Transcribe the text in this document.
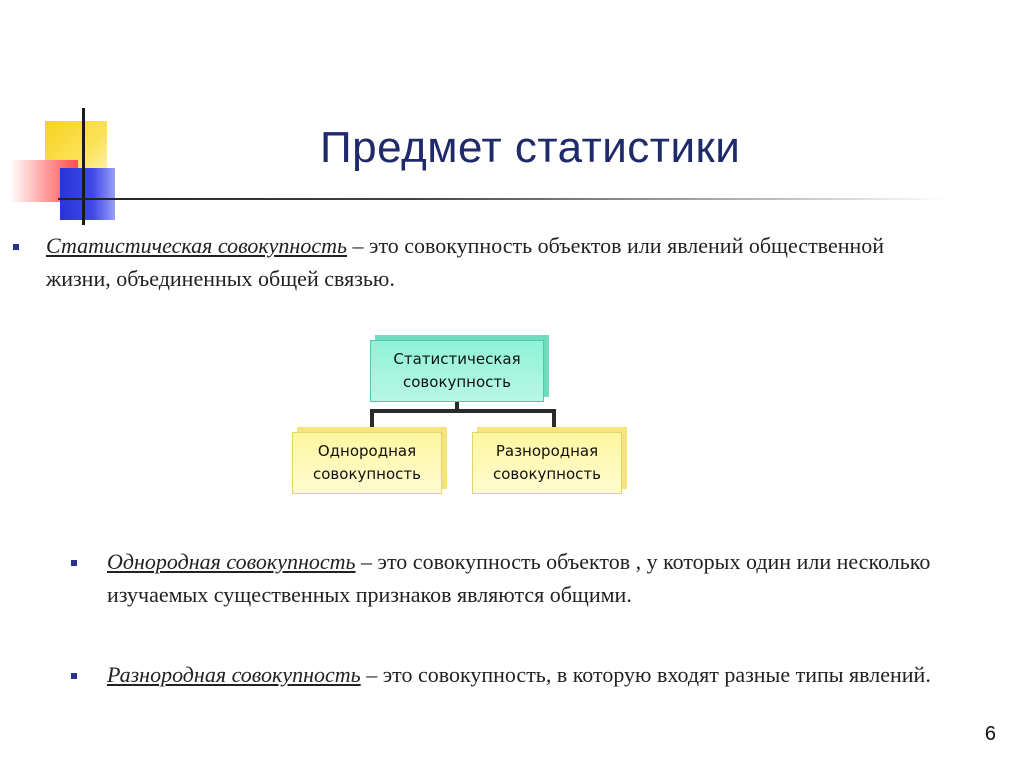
Предмет статистики
Статистическая совокупность – это совокупность объектов или явлений общественной жизни, объединенных общей связью.
Статистическая
совокупность
Однородная
совокупность
Разнородная
совокупность
Однородная совокупность – это совокупность объектов , у которых один или несколько изучаемых существенных признаков являются общими.
Разнородная совокупность – это совокупность, в которую входят разные типы явлений.
6
